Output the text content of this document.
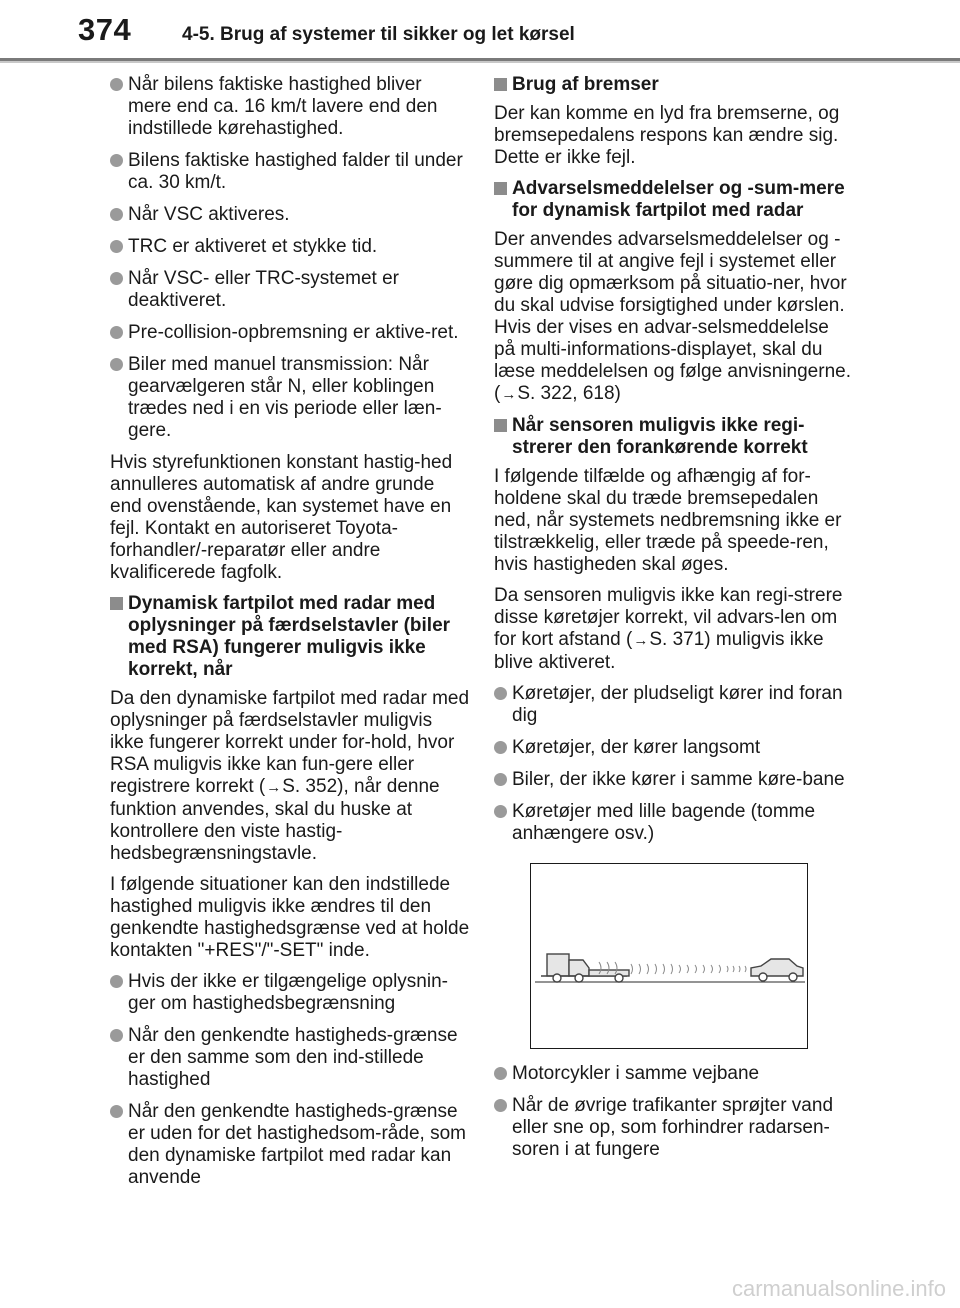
374	4-5. Brug af systemer til sikker og let kørsel
Når bilens faktiske hastighed bliver mere end ca. 16 km/t lavere end den indstillede kørehastighed.
Bilens faktiske hastighed falder til under ca. 30 km/t.
Når VSC aktiveres.
TRC er aktiveret et stykke tid.
Når VSC- eller TRC-systemet er deaktiveret.
Pre-collision-opbremsning er aktive-ret.
Biler med manuel transmission: Når gearvælgeren står N, eller koblingen trædes ned i en vis periode eller læn-gere.
Hvis styrefunktionen konstant hastig-hed annulleres automatisk af andre grunde end ovenstående, kan systemet have en fejl. Kontakt en autoriseret Toyota-forhandler/-reparatør eller andre kvalificerede fagfolk.
Dynamisk fartpilot med radar med oplysninger på færdselstavler (biler med RSA) fungerer muligvis ikke korrekt, når
Da den dynamiske fartpilot med radar med oplysninger på færdselstavler muligvis ikke fungerer korrekt under for-hold, hvor RSA muligvis ikke kan fun-gere eller registrere korrekt (→S. 352), når denne funktion anvendes, skal du huske at kontrollere den viste hastig-hedsbegrænsningstavle.
I følgende situationer kan den indstillede hastighed muligvis ikke ændres til den genkendte hastighedsgrænse ved at holde kontakten "+RES"/"-SET" inde.
Hvis der ikke er tilgængelige oplysnin-ger om hastighedsbegrænsning
Når den genkendte hastigheds-grænse er den samme som den ind-stillede hastighed
Når den genkendte hastigheds-grænse er uden for det hastighedsom-råde, som den dynamiske fartpilot med radar kan anvende
Brug af bremser
Der kan komme en lyd fra bremserne, og bremsepedalens respons kan ændre sig. Dette er ikke fejl.
Advarselsmeddelelser og -sum-mere for dynamisk fartpilot med radar
Der anvendes advarselsmeddelelser og -summere til at angive fejl i systemet eller gøre dig opmærksom på situatio-ner, hvor du skal udvise forsigtighed under kørslen. Hvis der vises en advar-selsmeddelelse på multi-informations-displayet, skal du læse meddelelsen og følge anvisningerne. (→S. 322, 618)
Når sensoren muligvis ikke regi-strerer den forankørende korrekt
I følgende tilfælde og afhængig af for-holdene skal du træde bremsepedalen ned, når systemets nedbremsning ikke er tilstrækkelig, eller træde på speede-ren, hvis hastigheden skal øges.
Da sensoren muligvis ikke kan regi-strere disse køretøjer korrekt, vil advars-len om for kort afstand (→S. 371) muligvis ikke blive aktiveret.
Køretøjer, der pludseligt kører ind foran dig
Køretøjer, der kører langsomt
Biler, der ikke kører i samme køre-bane
Køretøjer med lille bagende (tomme anhængere osv.)
Motorcykler i samme vejbane
Når de øvrige trafikanter sprøjter vand eller sne op, som forhindrer radarsen-soren i at fungere
carmanualsonline.info
